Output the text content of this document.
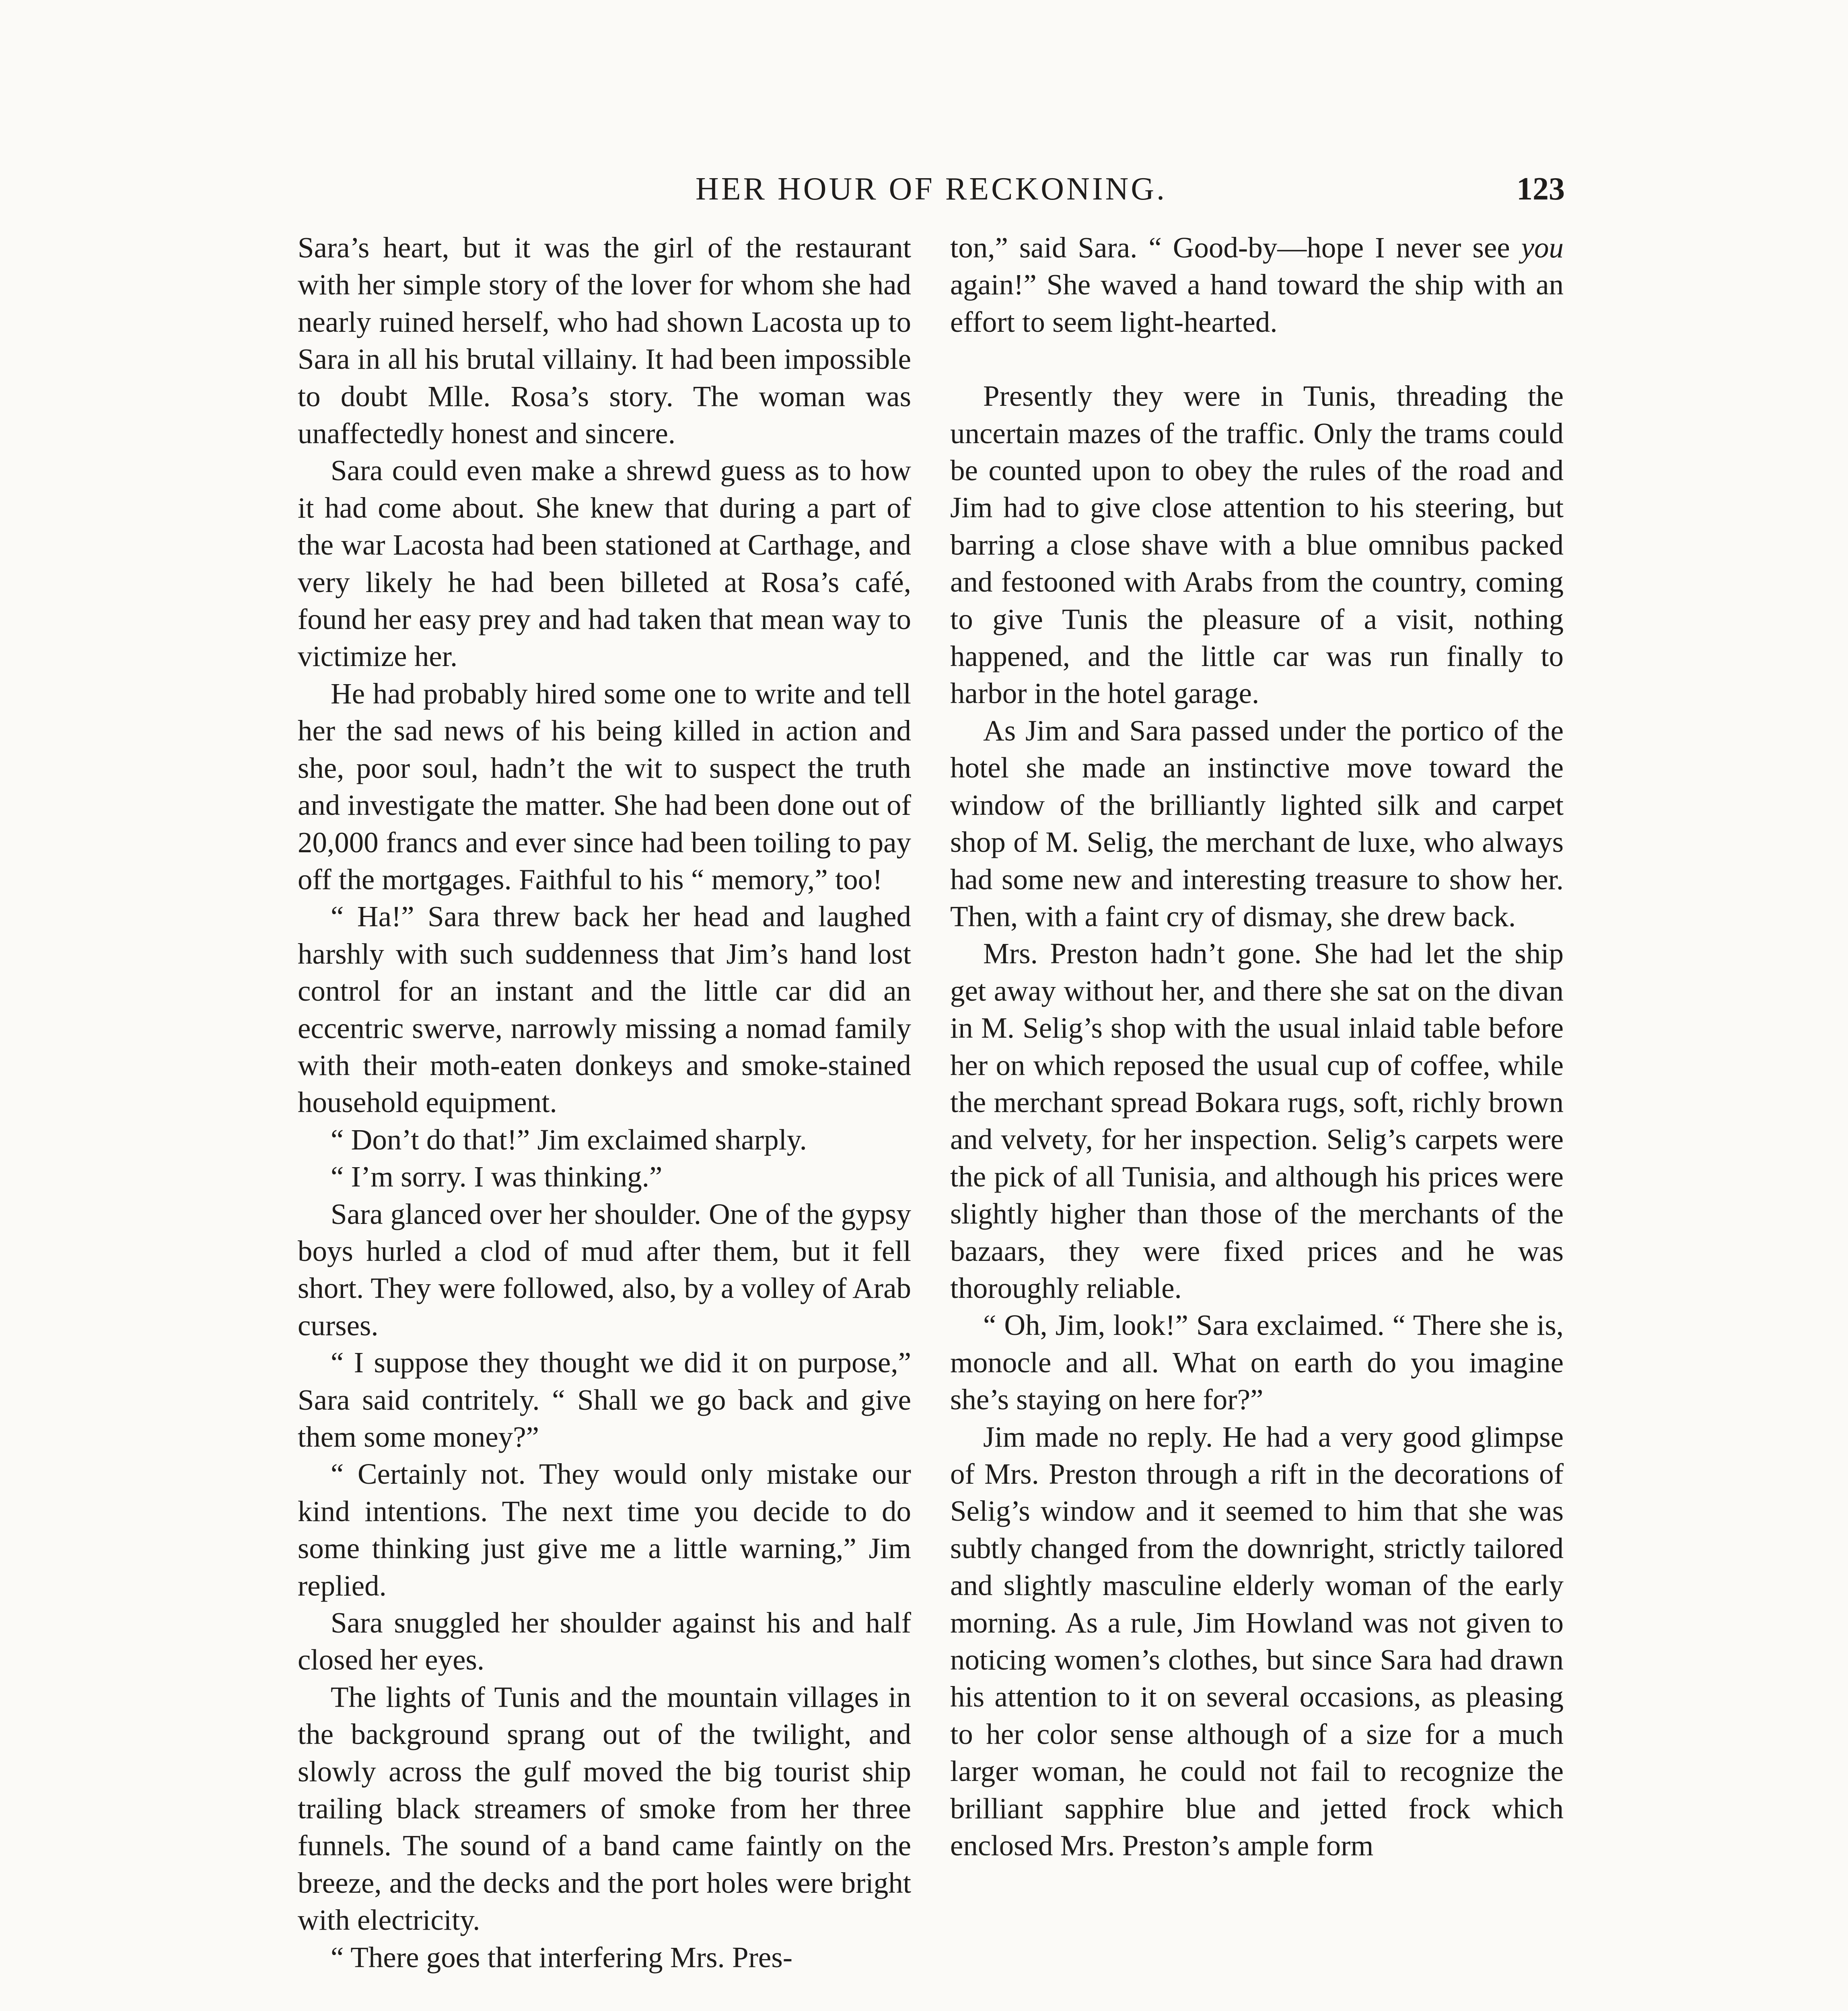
HER HOUR OF RECKONING.	123

Sara’s heart, but it was the girl of the restaurant with her simple story of the lover for whom she had nearly ruined herself, who had shown Lacosta up to Sara in all his brutal villainy. It had been impossible to doubt Mlle. Rosa’s story. The woman was unaffectedly honest and sincere.

Sara could even make a shrewd guess as to how it had come about. She knew that during a part of the war Lacosta had been stationed at Carthage, and very likely he had been billeted at Rosa’s café, found her easy prey and had taken that mean way to victimize her.

He had probably hired some one to write and tell her the sad news of his being killed in action and she, poor soul, hadn’t the wit to suspect the truth and investigate the matter. She had been done out of 20,000 francs and ever since had been toiling to pay off the mortgages. Faithful to his “ memory,” too!

“ Ha!” Sara threw back her head and laughed harshly with such suddenness that Jim’s hand lost control for an instant and the little car did an eccentric swerve, narrowly missing a nomad family with their moth-eaten donkeys and smoke-stained household equipment.

“ Don’t do that!” Jim exclaimed sharply.

“ I’m sorry. I was thinking.”

Sara glanced over her shoulder. One of the gypsy boys hurled a clod of mud after them, but it fell short. They were followed, also, by a volley of Arab curses.

“ I suppose they thought we did it on purpose,” Sara said contritely. “ Shall we go back and give them some money?”

“ Certainly not. They would only mistake our kind intentions. The next time you decide to do some thinking just give me a little warning,” Jim replied.

Sara snuggled her shoulder against his and half closed her eyes.

The lights of Tunis and the mountain villages in the background sprang out of the twilight, and slowly across the gulf moved the big tourist ship trailing black streamers of smoke from her three funnels. The sound of a band came faintly on the breeze, and the decks and the port holes were bright with electricity.

“ There goes that interfering Mrs. Pres-

ton,” said Sara. “ Good-by—hope I never see you again!” She waved a hand toward the ship with an effort to seem light-hearted.

Presently they were in Tunis, threading the uncertain mazes of the traffic. Only the trams could be counted upon to obey the rules of the road and Jim had to give close attention to his steering, but barring a close shave with a blue omnibus packed and festooned with Arabs from the country, coming to give Tunis the pleasure of a visit, nothing happened, and the little car was run finally to harbor in the hotel garage.

As Jim and Sara passed under the portico of the hotel she made an instinctive move toward the window of the brilliantly lighted silk and carpet shop of M. Selig, the merchant de luxe, who always had some new and interesting treasure to show her. Then, with a faint cry of dismay, she drew back.

Mrs. Preston hadn’t gone. She had let the ship get away without her, and there she sat on the divan in M. Selig’s shop with the usual inlaid table before her on which reposed the usual cup of coffee, while the merchant spread Bokara rugs, soft, richly brown and velvety, for her inspection. Selig’s carpets were the pick of all Tunisia, and although his prices were slightly higher than those of the merchants of the bazaars, they were fixed prices and he was thoroughly reliable.

“ Oh, Jim, look!” Sara exclaimed. “ There she is, monocle and all. What on earth do you imagine she’s staying on here for?”

Jim made no reply. He had a very good glimpse of Mrs. Preston through a rift in the decorations of Selig’s window and it seemed to him that she was subtly changed from the downright, strictly tailored and slightly masculine elderly woman of the early morning. As a rule, Jim Howland was not given to noticing women’s clothes, but since Sara had drawn his attention to it on several occasions, as pleasing to her color sense although of a size for a much larger woman, he could not fail to recognize the brilliant sapphire blue and jetted frock which enclosed Mrs. Preston’s ample form
